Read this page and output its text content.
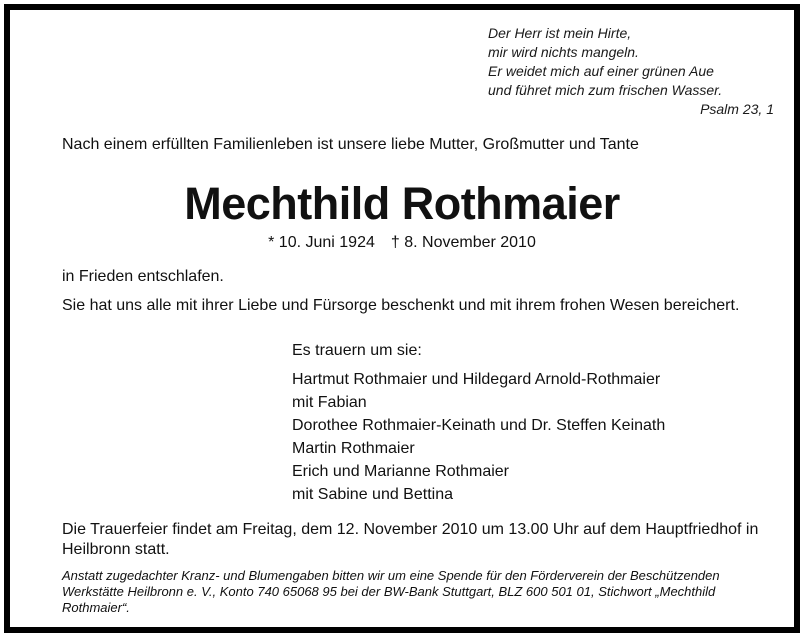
Der Herr ist mein Hirte,
mir wird nichts mangeln.
Er weidet mich auf einer grünen Aue
und führet mich zum frischen Wasser.
Psalm 23, 1
Nach einem erfüllten Familienleben ist unsere liebe Mutter, Großmutter und Tante
Mechthild Rothmaier
* 10. Juni 1924 † 8. November 2010
in Frieden entschlafen.
Sie hat uns alle mit ihrer Liebe und Fürsorge beschenkt und mit ihrem frohen Wesen bereichert.
Es trauern um sie:
Hartmut Rothmaier und Hildegard Arnold-Rothmaier
mit Fabian
Dorothee Rothmaier-Keinath und Dr. Steffen Keinath
Martin Rothmaier
Erich und Marianne Rothmaier
mit Sabine und Bettina
Die Trauerfeier findet am Freitag, dem 12. November 2010 um 13.00 Uhr auf dem Hauptfriedhof in Heilbronn statt.
Anstatt zugedachter Kranz- und Blumengaben bitten wir um eine Spende für den Förderverein der Beschützenden Werkstätte Heilbronn e. V., Konto 740 65068 95 bei der BW-Bank Stuttgart, BLZ 600 501 01, Stichwort „Mechthild Rothmaier“.
